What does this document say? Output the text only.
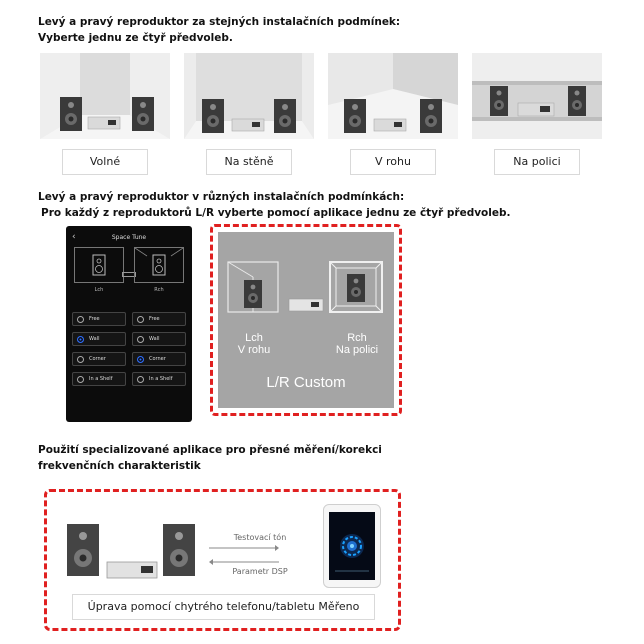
Levý a pravý reproduktor za stejných instalačních podmínek:
Vyberte jednu ze čtyř předvoleb.
Volné	Na stěně	V rohu	Na polici
Levý a pravý reproduktor v různých instalačních podmínkách:
Pro každý z reproduktorů L/R vyberte pomocí aplikace jednu ze čtyř předvoleb.
‹	Space Tune
Lch	Rch
Free
Wall
Corner
In a Shelf
Free
Wall
Corner
In a Shelf
Lch
V rohu
Rch
Na polici
L/R Custom
Použití specializované aplikace pro přesné měření/korekci
frekvenčních charakteristik
Testovací tón
Parametr DSP
Úprava pomocí chytrého telefonu/tabletu Měřeno
